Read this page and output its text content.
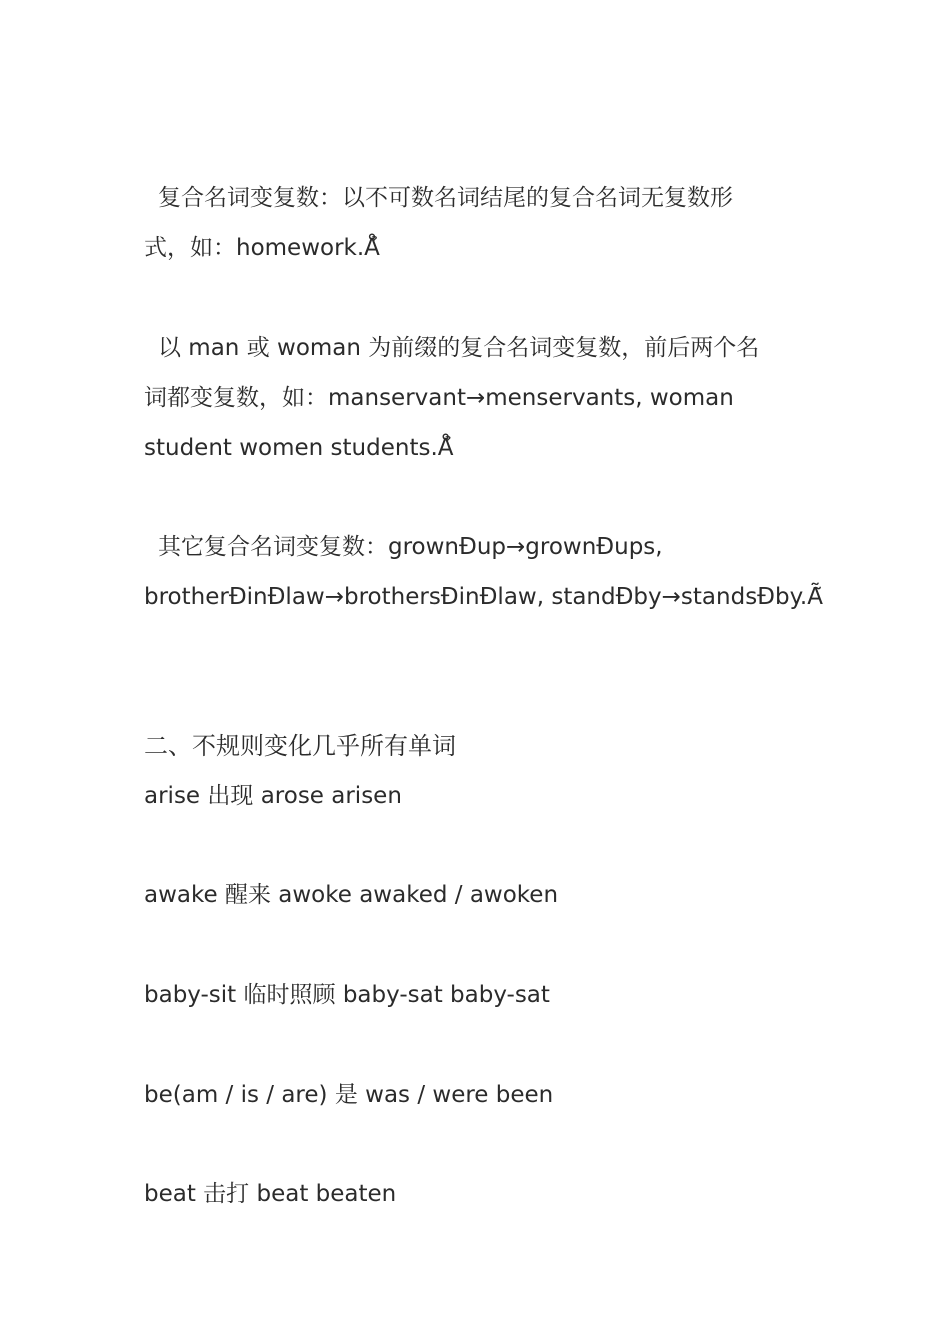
复合名词变复数：以不可数名词结尾的复合名词无复数形
式，如：homework.Å̉
以 man 或 woman 为前缀的复合名词变复数，前后两个名
词都变复数，如：manservant→menservants, woman
student women students.Å̉
其它复合名词变复数：grownÐup→grownÐups,
brotherÐinÐlaw→brothersÐinÐlaw, standÐby→standsÐby.Ã̃
二、不规则变化几乎所有单词
arise 出现 arose arisen
awake 醒来 awoke awaked / awoken
baby-sit 临时照顾 baby-sat baby-sat
be(am / is / are) 是 was / were been
beat 击打 beat beaten
